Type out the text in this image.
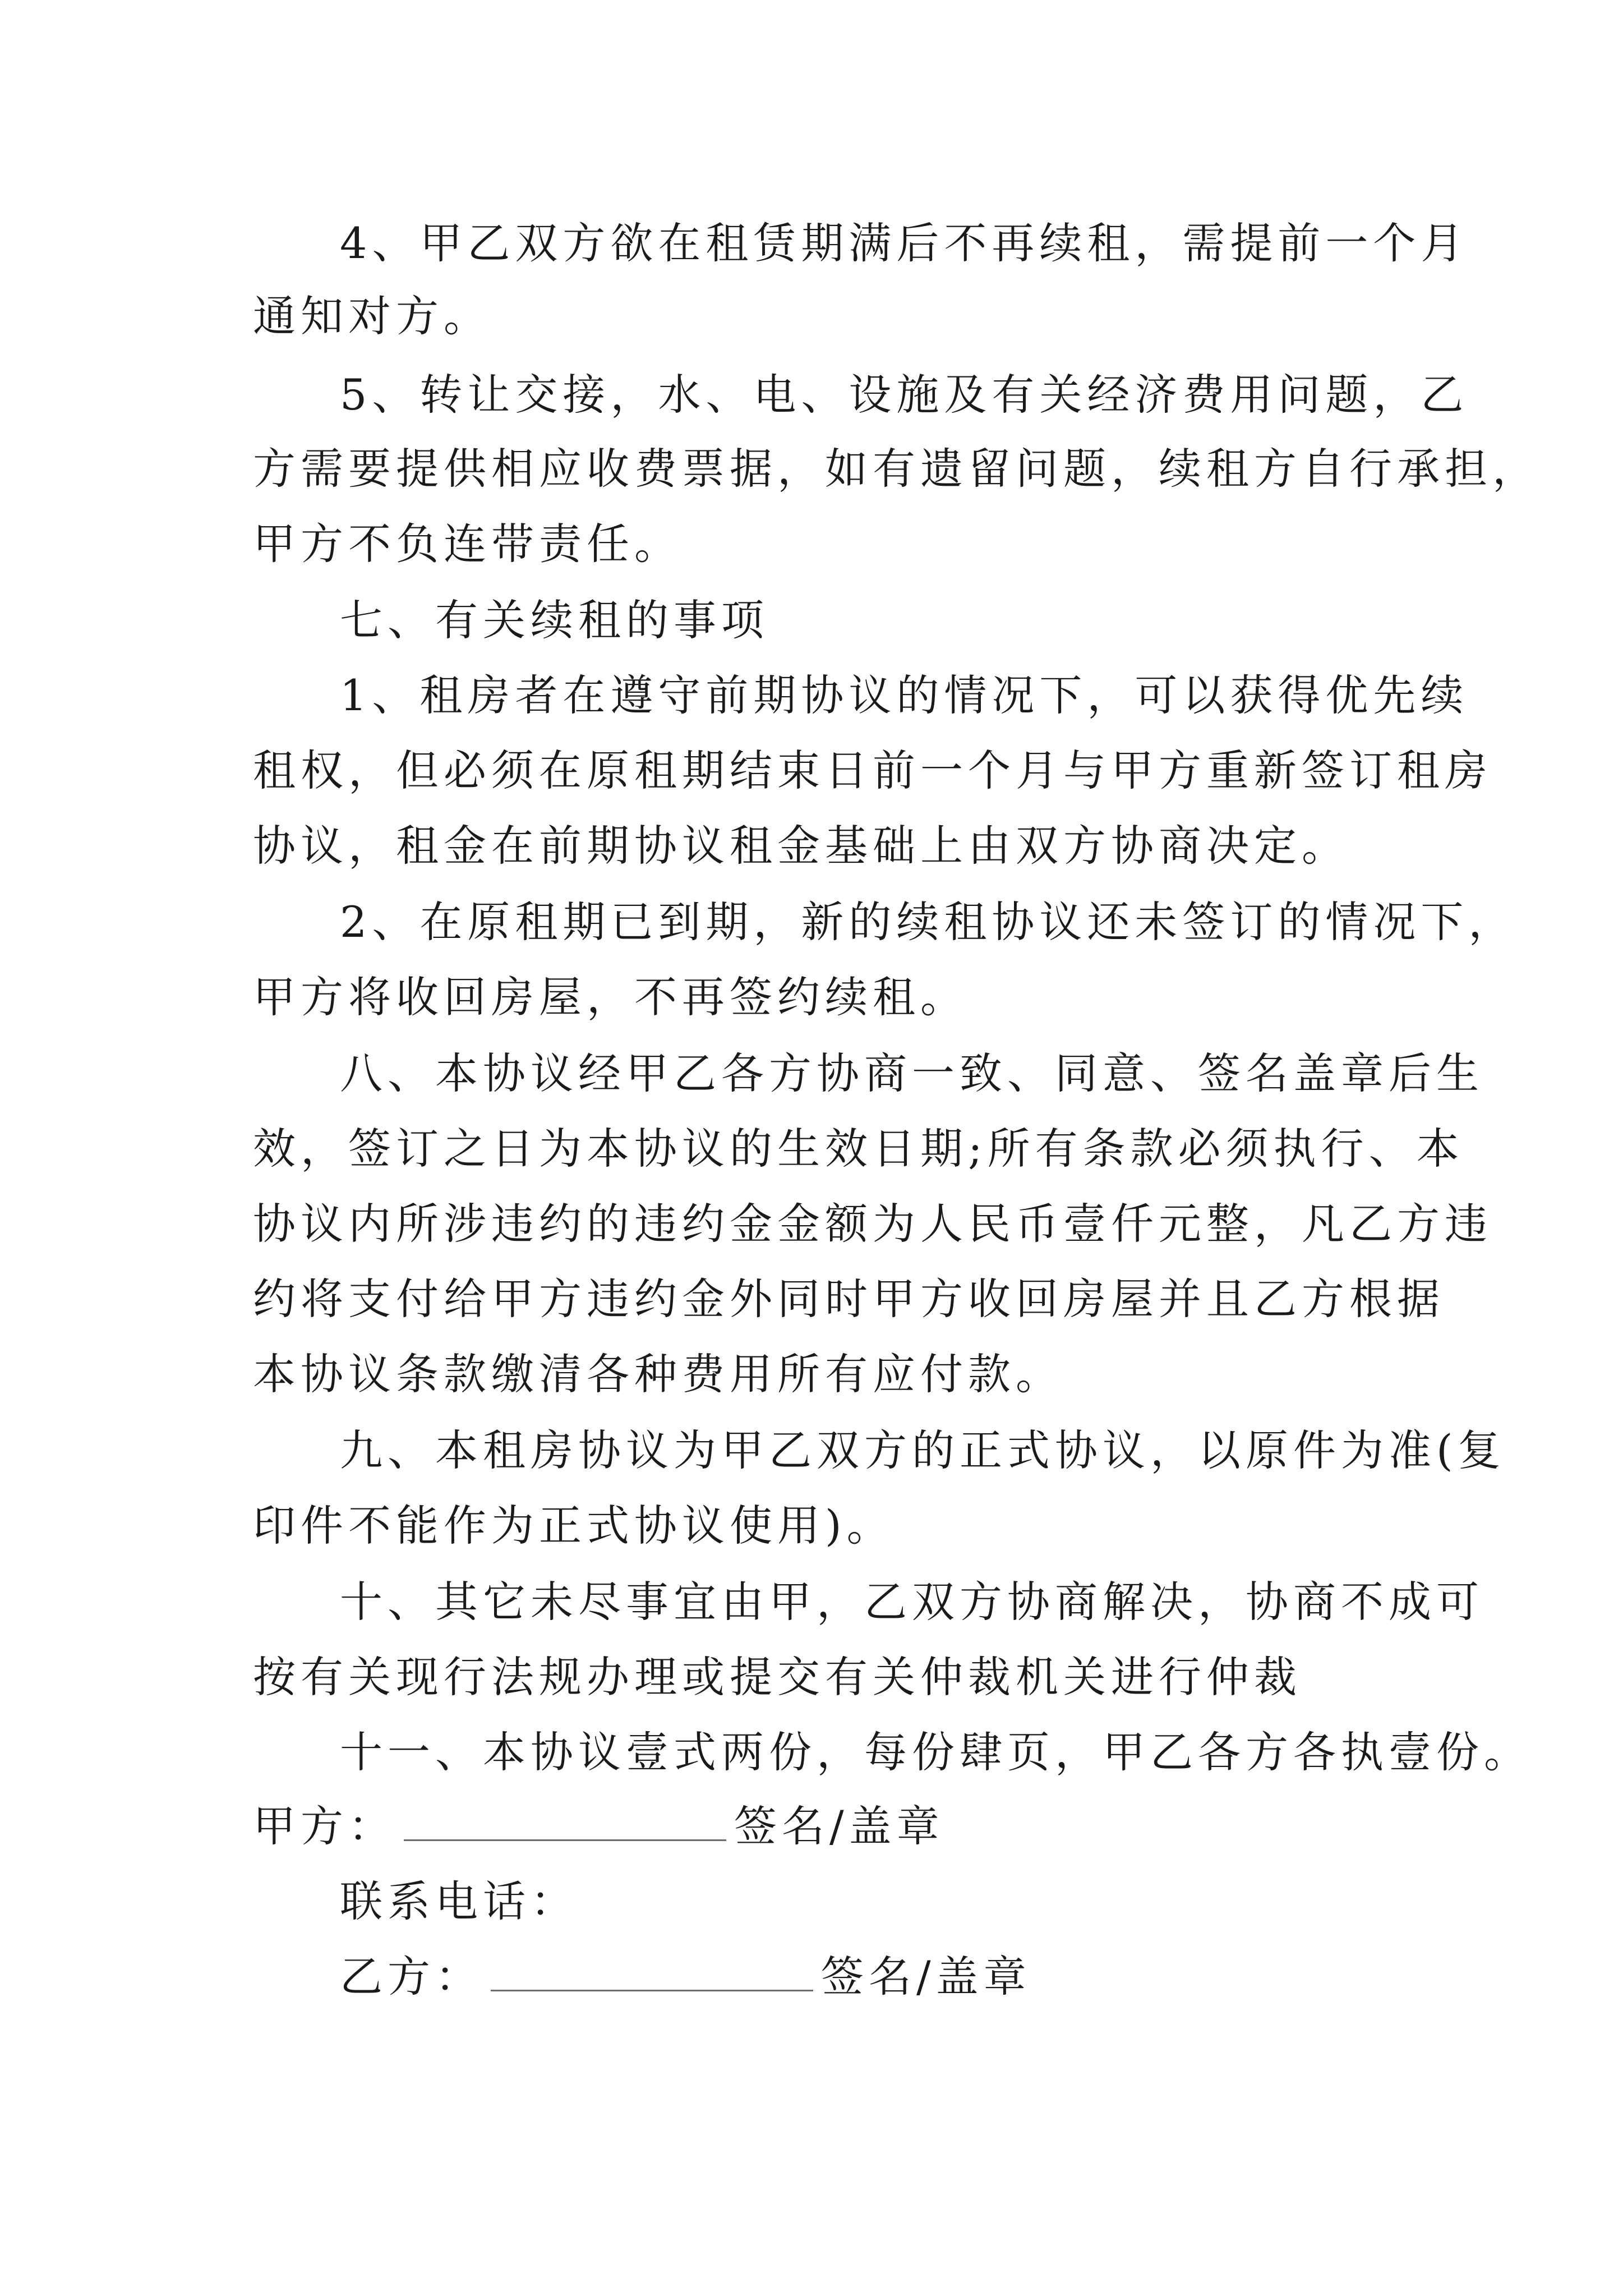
4、甲乙双方欲在租赁期满后不再续租，需提前一个月

通知对方。

5、转让交接，水、电、设施及有关经济费用问题，乙

方需要提供相应收费票据，如有遗留问题，续租方自行承担，

甲方不负连带责任。

七、有关续租的事项

1、租房者在遵守前期协议的情况下，可以获得优先续

租权，但必须在原租期结束日前一个月与甲方重新签订租房

协议，租金在前期协议租金基础上由双方协商决定。

2、在原租期已到期，新的续租协议还未签订的情况下，

甲方将收回房屋，不再签约续租。

八、本协议经甲乙各方协商一致、同意、签名盖章后生

效，签订之日为本协议的生效日期;所有条款必须执行、本

协议内所涉违约的违约金金额为人民币壹仟元整，凡乙方违

约将支付给甲方违约金外同时甲方收回房屋并且乙方根据

本协议条款缴清各种费用所有应付款。

九、本租房协议为甲乙双方的正式协议，以原件为准(复

印件不能作为正式协议使用)。

十、其它未尽事宜由甲，乙双方协商解决，协商不成可

按有关现行法规办理或提交有关仲裁机关进行仲裁

十一、本协议壹式两份，每份肆页，甲乙各方各执壹份。

甲方：	签名/盖章

联系电话：

乙方：	签名/盖章
